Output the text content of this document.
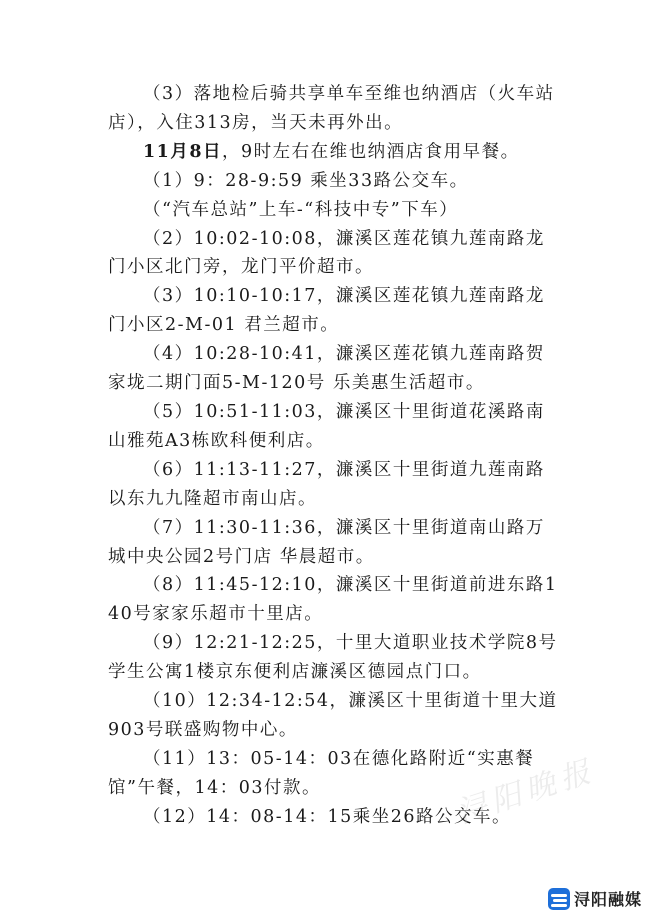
（3）落地检后骑共享单车至维也纳酒店（火车站店），入住313房，当天未再外出。

11月8日，9时左右在维也纳酒店食用早餐。

（1）9：28-9:59 乘坐33路公交车。

（“汽车总站”上车-“科技中专”下车）

（2）10:02-10:08，濂溪区莲花镇九莲南路龙门小区北门旁，龙门平价超市。

（3）10:10-10:17，濂溪区莲花镇九莲南路龙门小区2-M-01 君兰超市。

（4）10:28-10:41，濂溪区莲花镇九莲南路贺家垅二期门面5-M-120号 乐美惠生活超市。

（5）10:51-11:03，濂溪区十里街道花溪路南山雅苑A3栋欧科便利店。

（6）11:13-11:27，濂溪区十里街道九莲南路以东九九隆超市南山店。

（7）11:30-11:36，濂溪区十里街道南山路万城中央公园2号门店 华晨超市。

（8）11:45-12:10，濂溪区十里街道前进东路140号家家乐超市十里店。

（9）12:21-12:25，十里大道职业技术学院8号学生公寓1楼京东便利店濂溪区德园点门口。

（10）12:34-12:54，濂溪区十里街道十里大道903号联盛购物中心。

（11）13：05-14：03在德化路附近“实惠餐馆”午餐，14：03付款。

（12）14：08-14：15乘坐26路公交车。

浔阳晚报
浔阳融媒
